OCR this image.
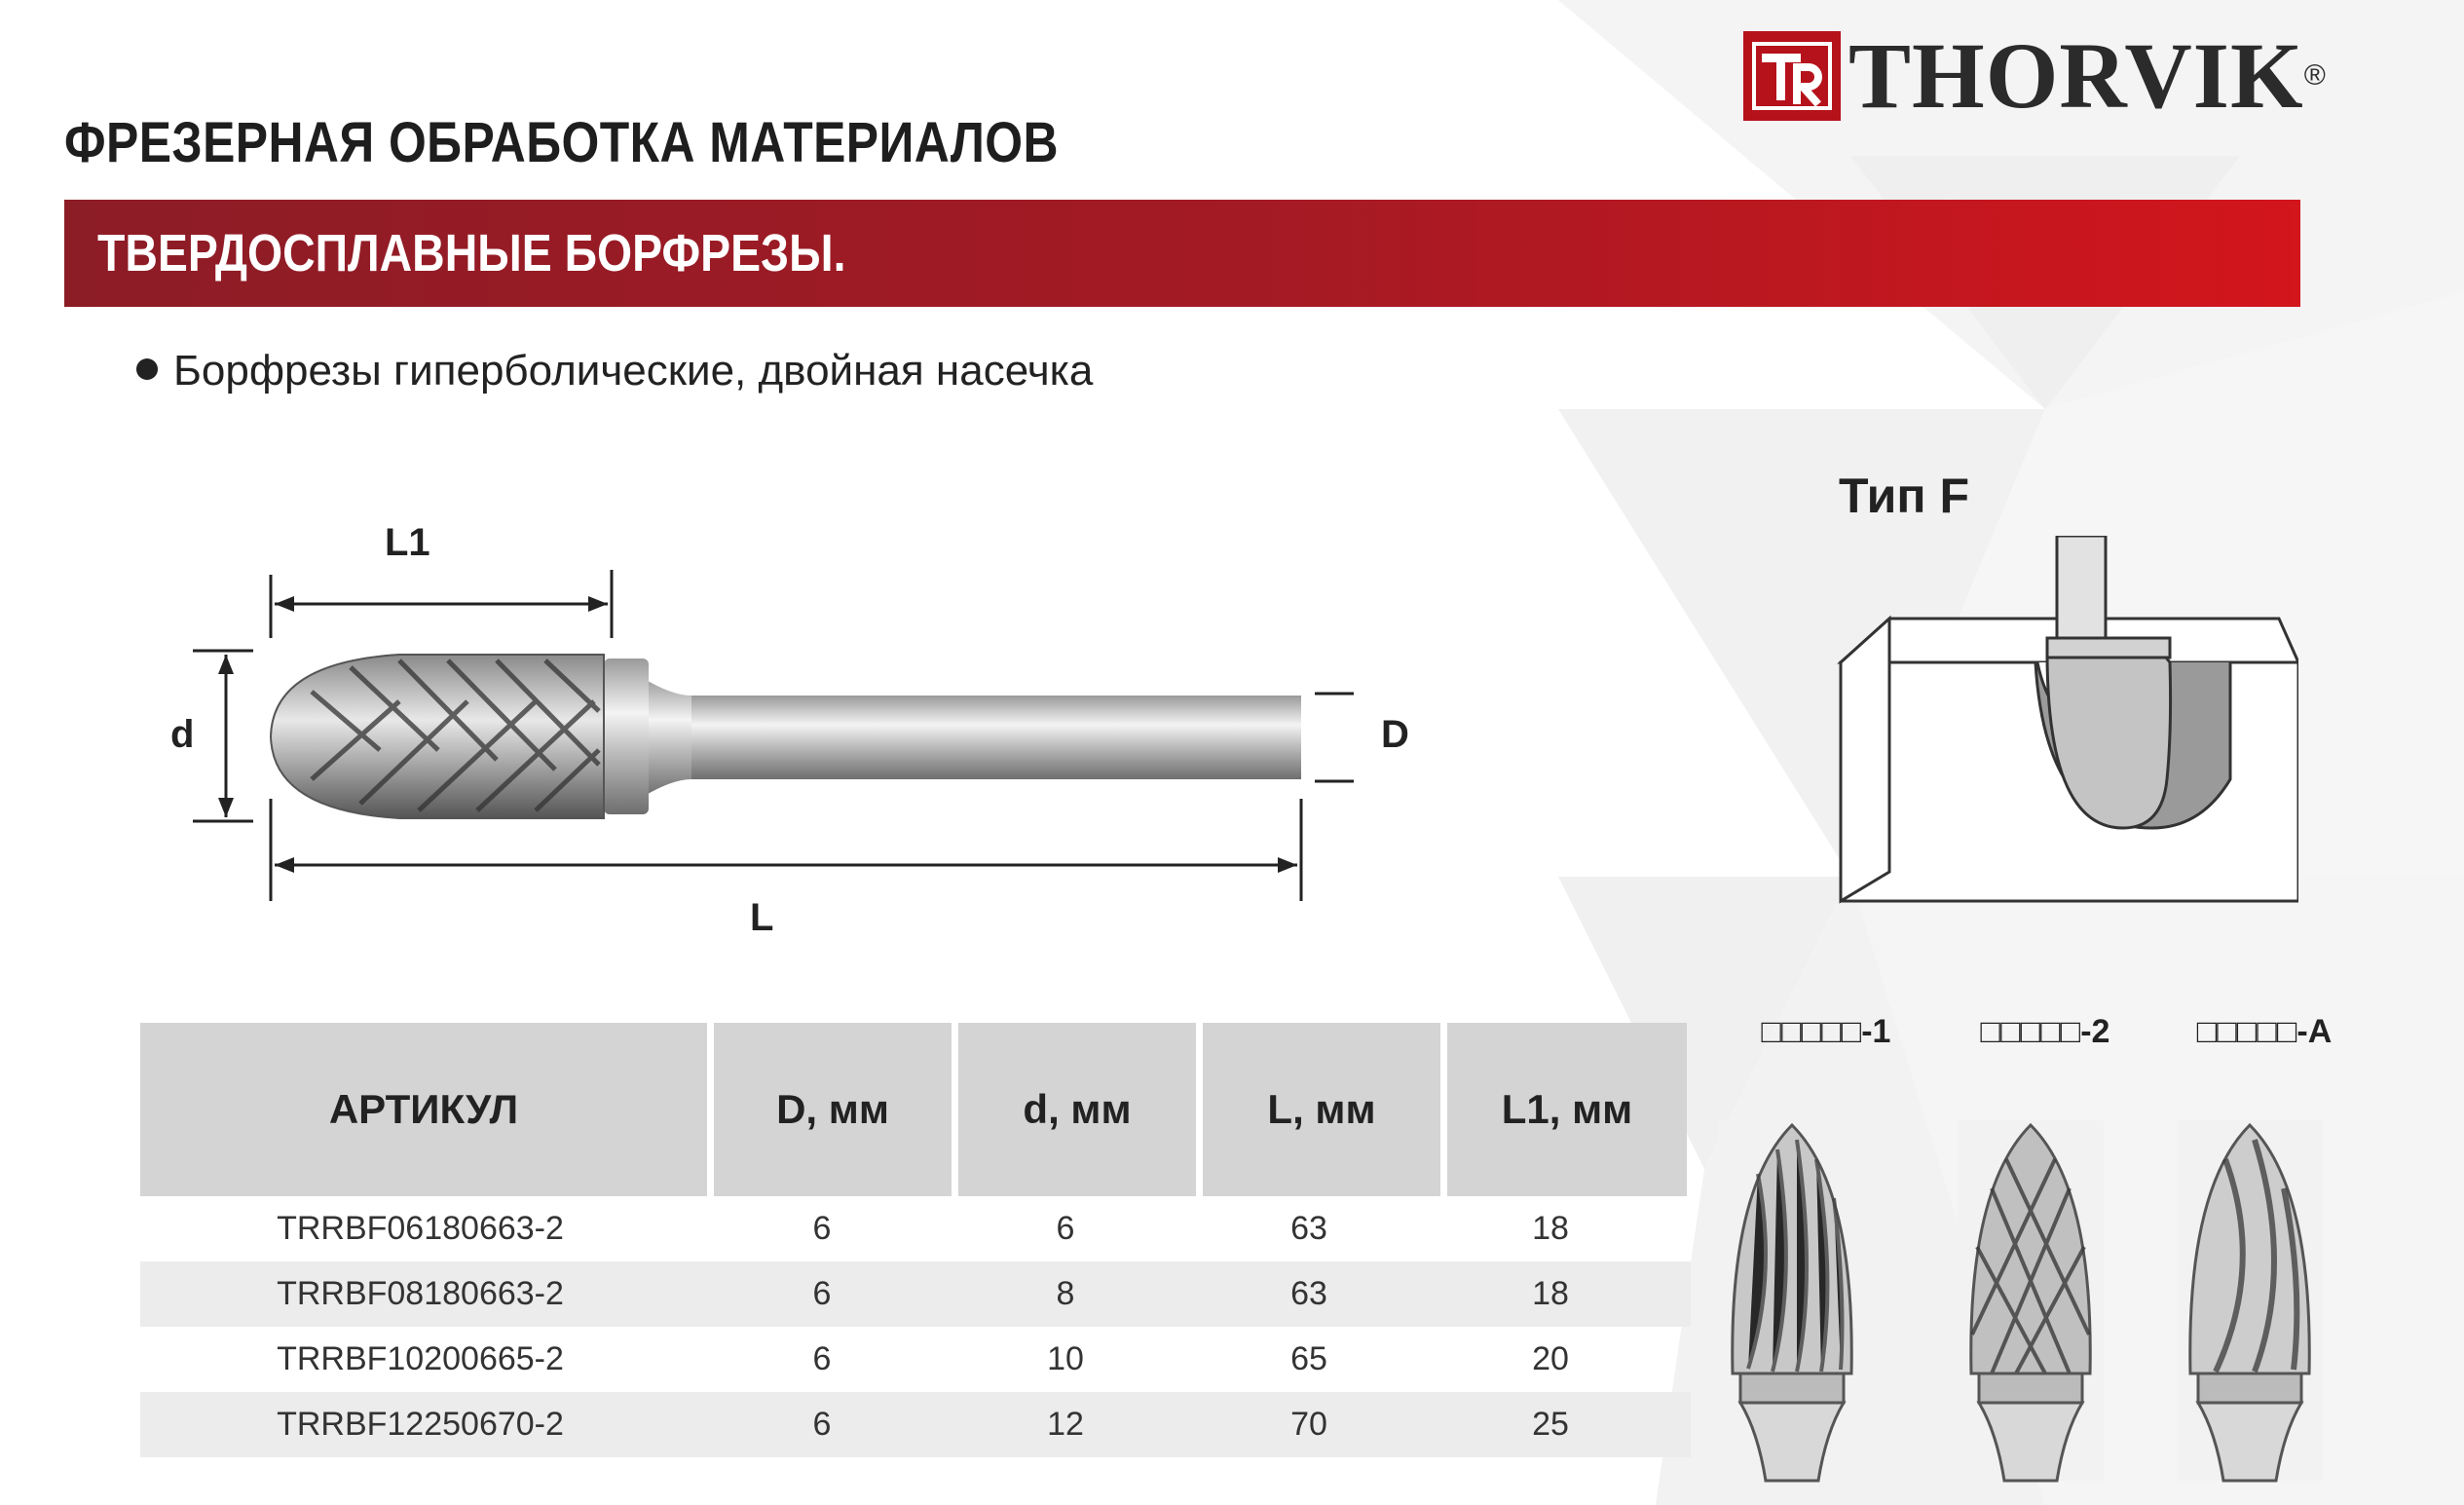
THORVIK ®
ФРЕЗЕРНАЯ ОБРАБОТКА МАТЕРИАЛОВ
ТВЕРДОСПЛАВНЫЕ БОРФРЕЗЫ.
Борфрезы гиперболические, двойная насечка
L1
d	D
L
Тип F
АРТИКУЛ	D, мм	d, мм	L, мм	L1, мм
TRRBF06180663-2	6	6	63	18
TRRBF08180663-2	6	8	63	18
TRRBF10200665-2	6	10	65	20
TRRBF12250670-2	6	12	70	25
□□□□□-1	□□□□□-2	□□□□□-A
